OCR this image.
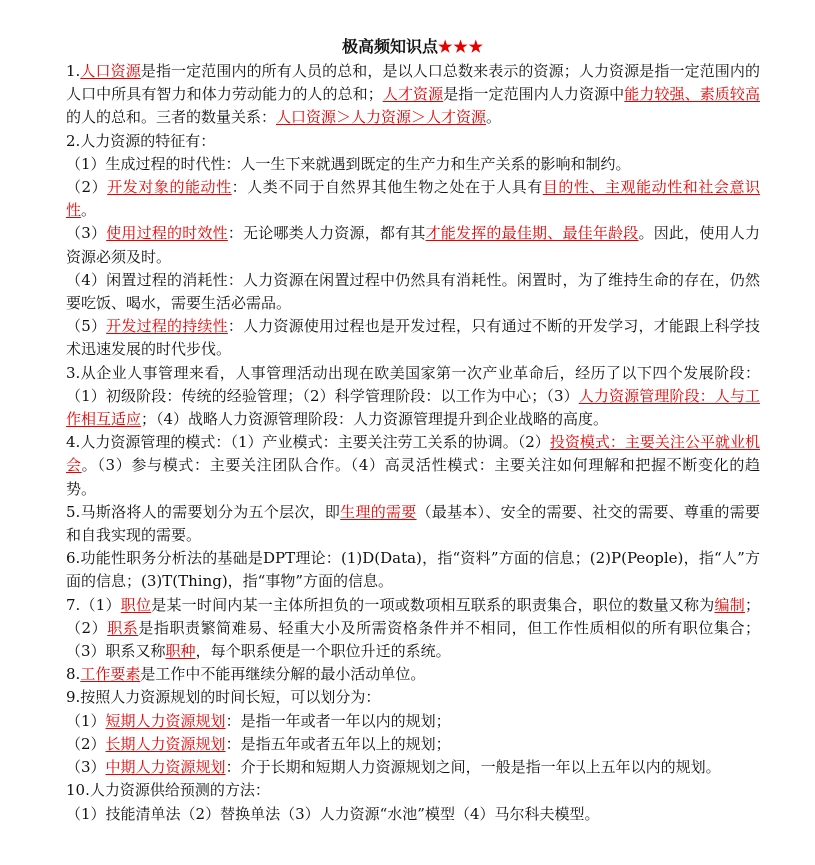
极高频知识点★★★

1.人口资源是指一定范围内的所有人员的总和，是以人口总数来表示的资源；人力资源是指一定范围内的人口中所具有智力和体力劳动能力的人的总和；人才资源是指一定范围内人力资源中能力较强、素质较高的人的总和。三者的数量关系：人口资源＞人力资源＞人才资源。

2.人力资源的特征有：

（1）生成过程的时代性：人一生下来就遇到既定的生产力和生产关系的影响和制约。

（2）开发对象的能动性：人类不同于自然界其他生物之处在于人具有目的性、主观能动性和社会意识性。

（3）使用过程的时效性：无论哪类人力资源，都有其才能发挥的最佳期、最佳年龄段。因此，使用人力资源必须及时。

（4）闲置过程的消耗性：人力资源在闲置过程中仍然具有消耗性。闲置时，为了维持生命的存在，仍然要吃饭、喝水，需要生活必需品。

（5）开发过程的持续性：人力资源使用过程也是开发过程，只有通过不断的开发学习，才能跟上科学技术迅速发展的时代步伐。

3.从企业人事管理来看，人事管理活动出现在欧美国家第一次产业革命后，经历了以下四个发展阶段：（1）初级阶段：传统的经验管理；（2）科学管理阶段：以工作为中心；（3）人力资源管理阶段：人与工作相互适应；（4）战略人力资源管理阶段：人力资源管理提升到企业战略的高度。

4.人力资源管理的模式：（1）产业模式：主要关注劳工关系的协调。（2）投资模式：主要关注公平就业机会。（3）参与模式：主要关注团队合作。（4）高灵活性模式：主要关注如何理解和把握不断变化的趋势。

5.马斯洛将人的需要划分为五个层次，即生理的需要（最基本）、安全的需要、社交的需要、尊重的需要和自我实现的需要。

6.功能性职务分析法的基础是DPT理论：(1)D(Data)，指“资料”方面的信息；(2)P(People)，指“人”方面的信息；(3)T(Thing)，指“事物”方面的信息。

7.（1）职位是某一时间内某一主体所担负的一项或数项相互联系的职责集合，职位的数量又称为编制；（2）职系是指职责繁简难易、轻重大小及所需资格条件并不相同，但工作性质相似的所有职位集合；（3）职系又称职种，每个职系便是一个职位升迁的系统。

8.工作要素是工作中不能再继续分解的最小活动单位。

9.按照人力资源规划的时间长短，可以划分为：

（1）短期人力资源规划：是指一年或者一年以内的规划；

（2）长期人力资源规划：是指五年或者五年以上的规划；

（3）中期人力资源规划：介于长期和短期人力资源规划之间，一般是指一年以上五年以内的规划。

10.人力资源供给预测的方法：

（1）技能清单法（2）替换单法（3）人力资源“水池”模型（4）马尔科夫模型。
